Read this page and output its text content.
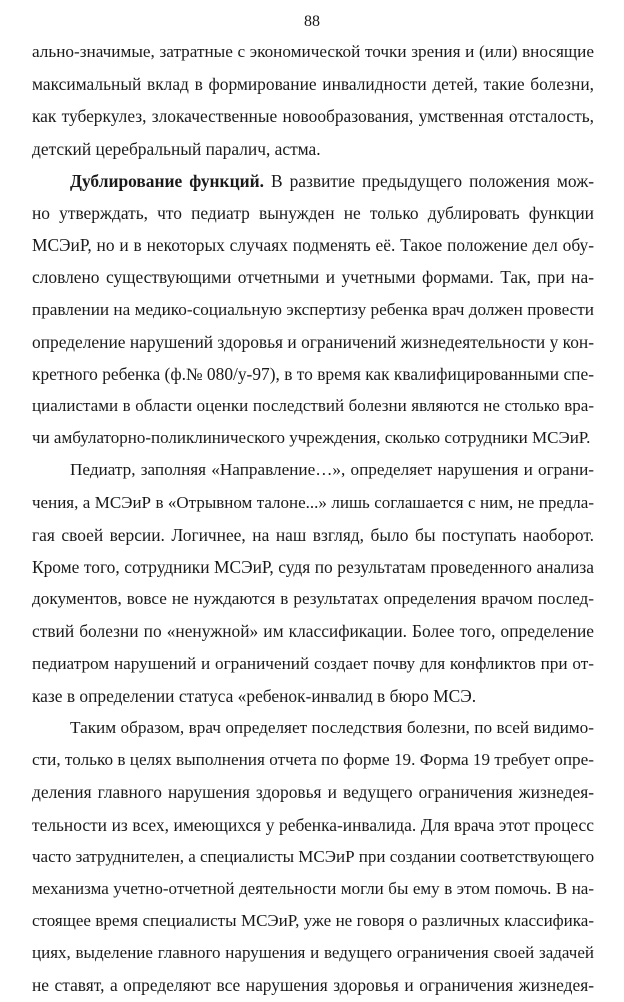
88
ально-значимые, затратные с экономической точки зрения и (или) вносящие
максимальный вклад в формирование инвалидности детей, такие болезни,
как туберкулез, злокачественные новообразования, умственная отсталость,
детский церебральный паралич, астма.
Дублирование функций. В развитие предыдущего положения мож-
но утверждать, что педиатр вынужден не только дублировать функции
МСЭиР, но и в некоторых случаях подменять её. Такое положение дел обу-
словлено существующими отчетными и учетными формами. Так, при на-
правлении на медико-социальную экспертизу ребенка врач должен провести
определение нарушений здоровья и ограничений жизнедеятельности у кон-
кретного ребенка (ф.№ 080/у-97), в то время как квалифицированными спе-
циалистами в области оценки последствий болезни являются не столько вра-
чи амбулаторно-поликлинического учреждения, сколько сотрудники МСЭиР.
Педиатр, заполняя «Направление…», определяет нарушения и ограни-
чения, а МСЭиР в «Отрывном талоне...» лишь соглашается с ним, не предла-
гая своей версии. Логичнее, на наш взгляд, было бы поступать наоборот.
Кроме того, сотрудники МСЭиР, судя по результатам проведенного анализа
документов, вовсе не нуждаются в результатах определения врачом послед-
ствий болезни по «ненужной» им классификации. Более того, определение
педиатром нарушений и ограничений создает почву для конфликтов при от-
казе в определении статуса «ребенок-инвалид в бюро МСЭ.
Таким образом, врач определяет последствия болезни, по всей видимо-
сти, только в целях выполнения отчета по форме 19. Форма 19 требует опре-
деления главного нарушения здоровья и ведущего ограничения жизнедея-
тельности из всех, имеющихся у ребенка-инвалида. Для врача этот процесс
часто затруднителен, а специалисты МСЭиР при создании соответствующего
механизма учетно-отчетной деятельности могли бы ему в этом помочь. В на-
стоящее время специалисты МСЭиР, уже не говоря о различных классифика-
циях, выделение главного нарушения и ведущего ограничения своей задачей
не ставят, а определяют все нарушения здоровья и ограничения жизнедея-
